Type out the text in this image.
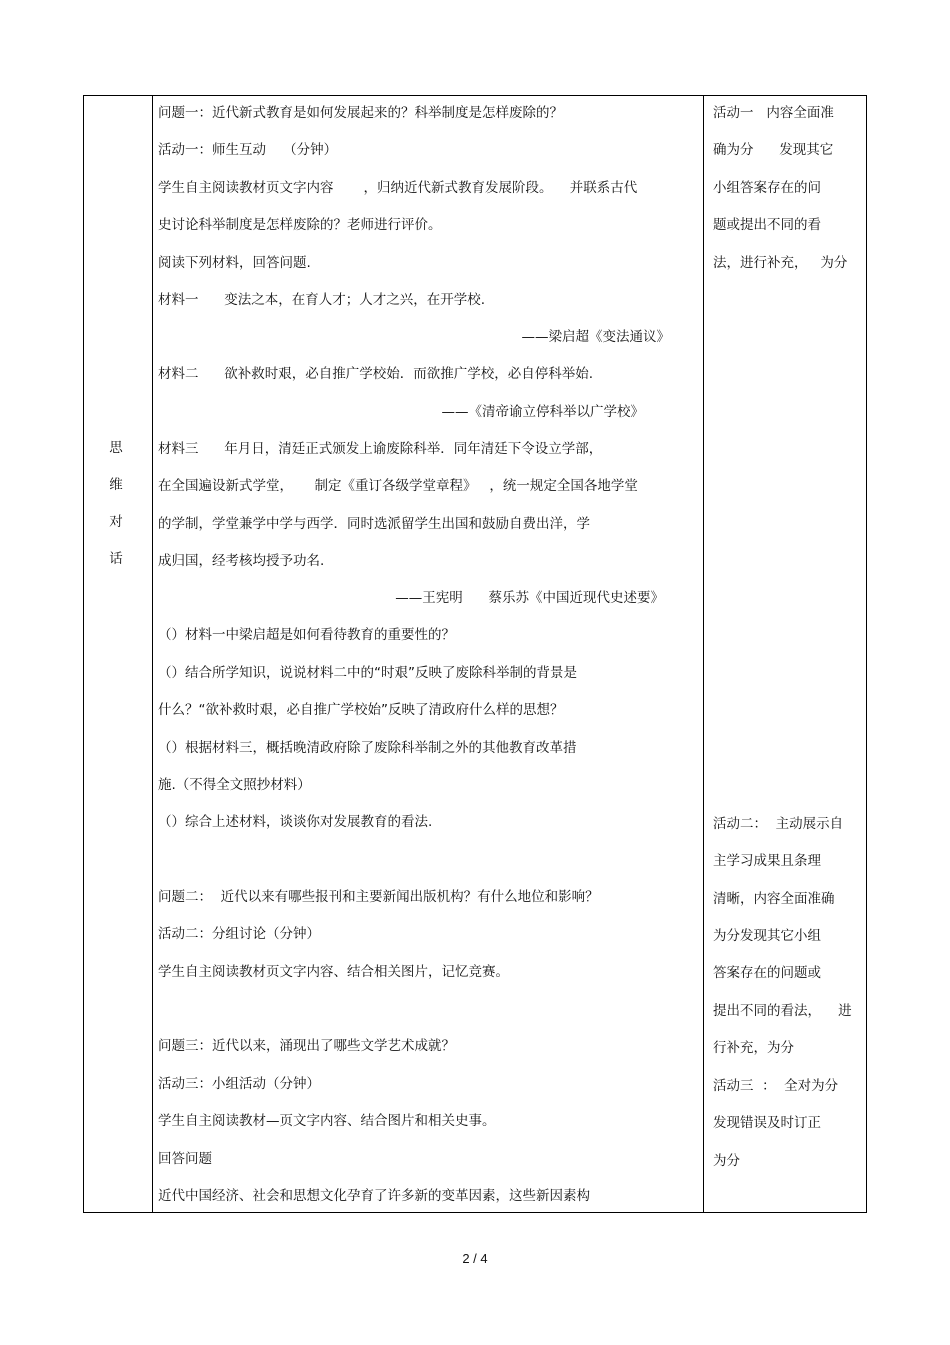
思 维
对 话
问题一：近代新式教育是如何发展起来的？科举制度是怎样废除的？
活动一：师生互动    （分钟）
学生自主阅读教材页文字内容       ，归纳近代新式教育发展阶段。    并联系古代
史讨论科举制度是怎样废除的？老师进行评价。
阅读下列材料，回答问题.
材料一      变法之本，在育人才；人才之兴，在开学校.
——梁启超《变法通议》
材料二      欲补救时艰，必自推广学校始．而欲推广学校，必自停科举始.
——《清帝谕立停科举以广学校》
材料三      年月日，清廷正式颁发上谕废除科举．同年清廷下令设立学部，
在全国遍设新式学堂，     制定《重订各级学堂章程》   ，统一规定全国各地学堂
的学制，学堂兼学中学与西学．同时选派留学生出国和鼓励自费出洋，学
成归国，经考核均授予功名.
——王宪明      蔡乐苏《中国近现代史述要》
（）材料一中梁启超是如何看待教育的重要性的？
（）结合所学知识，说说材料二中的“时艰”反映了废除科举制的背景是
什么？“欲补救时艰，必自推广学校始”反映了清政府什么样的思想？
（）根据材料三，概括晚清政府除了废除科举制之外的其他教育改革措
施.（不得全文照抄材料）
（）综合上述材料，谈谈你对发展教育的看法.
问题二：  近代以来有哪些报刊和主要新闻出版机构？有什么地位和影响？
活动二：分组讨论（分钟）
学生自主阅读教材页文字内容、结合相关图片，记忆竞赛。
问题三：近代以来，涌现出了哪些文学艺术成就？
活动三：小组活动（分钟）
学生自主阅读教材—页文字内容、结合图片和相关史事。
回答问题
近代中国经济、社会和思想文化孕育了许多新的变革因素，这些新因素构
活动一   内容全面准
确为分      发现其它
小组答案存在的问
题或提出不同的看
法，进行补充，   为分
活动二：  主动展示自
主学习成果且条理
清晰，内容全面准确
为分发现其它小组
答案存在的问题或
提出不同的看法，    进
行补充，为分
活动三  ：  全对为分
发现错误及时订正
为分
2 / 4
